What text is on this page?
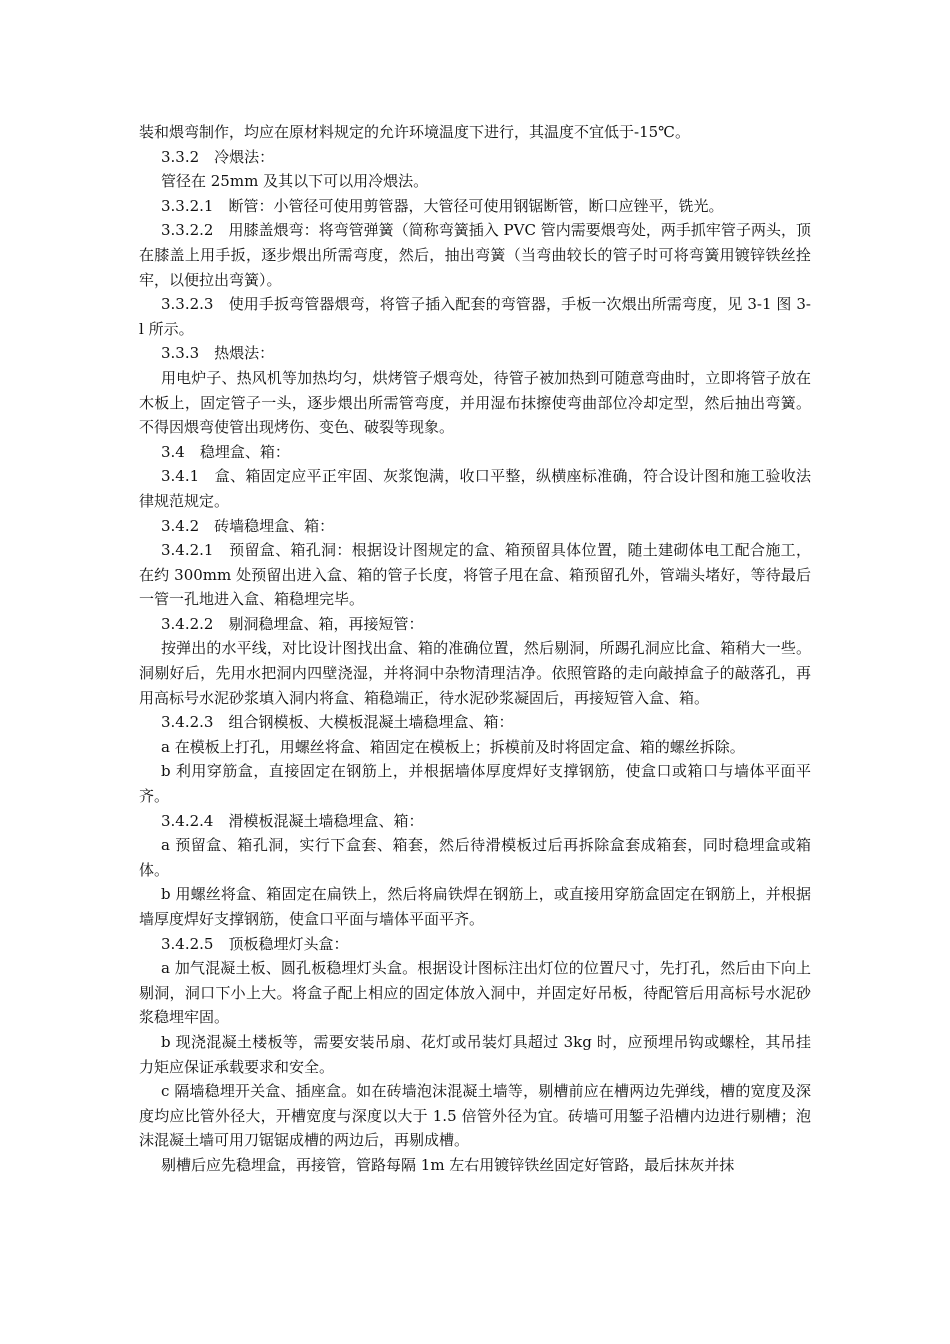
装和煨弯制作，均应在原材料规定的允许环境温度下进行，其温度不宜低于-15℃。

3.3.2　冷煨法：

管径在 25mm 及其以下可以用冷煨法。

3.3.2.1　断管：小管径可使用剪管器，大管径可使用钢锯断管，断口应锉平，铣光。

3.3.2.2　用膝盖煨弯：将弯管弹簧（简称弯簧插入 PVC 管内需要煨弯处，两手抓牢管子两头，顶在膝盖上用手扳，逐步煨出所需弯度，然后，抽出弯簧（当弯曲较长的管子时可将弯簧用镀锌铁丝拴牢，以便拉出弯簧）。

3.3.2.3　使用手扳弯管器煨弯，将管子插入配套的弯管器，手板一次煨出所需弯度，见 3-1 图 3-l 所示。

3.3.3　热煨法：

用电炉子、热风机等加热均匀，烘烤管子煨弯处，待管子被加热到可随意弯曲时，立即将管子放在木板上，固定管子一头，逐步煨出所需管弯度，并用湿布抹擦使弯曲部位冷却定型，然后抽出弯簧。不得因煨弯使管出现烤伤、变色、破裂等现象。

3.4　稳埋盒、箱：

3.4.1　盒、箱固定应平正牢固、灰浆饱满，收口平整，纵横座标准确，符合设计图和施工验收法律规范规定。

3.4.2　砖墙稳埋盒、箱：

3.4.2.1　预留盒、箱孔洞：根据设计图规定的盒、箱预留具体位置，随土建砌体电工配合施工，在约 300mm 处预留出进入盒、箱的管子长度，将管子甩在盒、箱预留孔外，管端头堵好，等待最后一管一孔地进入盒、箱稳埋完毕。

3.4.2.2　剔洞稳埋盒、箱，再接短管：

按弹出的水平线，对比设计图找出盒、箱的准确位置，然后剔洞，所踢孔洞应比盒、箱稍大一些。洞剔好后，先用水把洞内四壁浇湿，并将洞中杂物清理洁净。依照管路的走向敲掉盒子的敲落孔，再用高标号水泥砂浆填入洞内将盒、箱稳端正，待水泥砂浆凝固后，再接短管入盒、箱。

3.4.2.3　组合钢模板、大模板混凝土墙稳埋盒、箱：

a 在模板上打孔，用螺丝将盒、箱固定在模板上；拆模前及时将固定盒、箱的螺丝拆除。

b 利用穿筋盒，直接固定在钢筋上，并根据墙体厚度焊好支撑钢筋，使盒口或箱口与墙体平面平齐。

3.4.2.4　滑模板混凝土墙稳埋盒、箱：

a 预留盒、箱孔洞，实行下盒套、箱套，然后待滑模板过后再拆除盒套成箱套，同时稳埋盒或箱体。

b 用螺丝将盒、箱固定在扁铁上，然后将扁铁焊在钢筋上，或直接用穿筋盒固定在钢筋上，并根据墙厚度焊好支撑钢筋，使盒口平面与墙体平面平齐。

3.4.2.5　顶板稳埋灯头盒：

a 加气混凝土板、圆孔板稳埋灯头盒。根据设计图标注出灯位的位置尺寸，先打孔，然后由下向上剔洞，洞口下小上大。将盒子配上相应的固定体放入洞中，并固定好吊板，待配管后用高标号水泥砂浆稳埋牢固。

b 现浇混凝土楼板等，需要安装吊扇、花灯或吊装灯具超过 3kg 时，应预埋吊钩或螺栓，其吊挂力矩应保证承载要求和安全。

c 隔墙稳埋开关盒、插座盒。如在砖墙泡沫混凝土墙等，剔槽前应在槽两边先弹线，槽的宽度及深度均应比管外径大，开槽宽度与深度以大于 1.5 倍管外径为宜。砖墙可用錾子沿槽内边进行剔槽；泡沫混凝土墙可用刀锯锯成槽的两边后，再剔成槽。

剔槽后应先稳埋盒，再接管，管路每隔 1m 左右用镀锌铁丝固定好管路，最后抹灰并抹
